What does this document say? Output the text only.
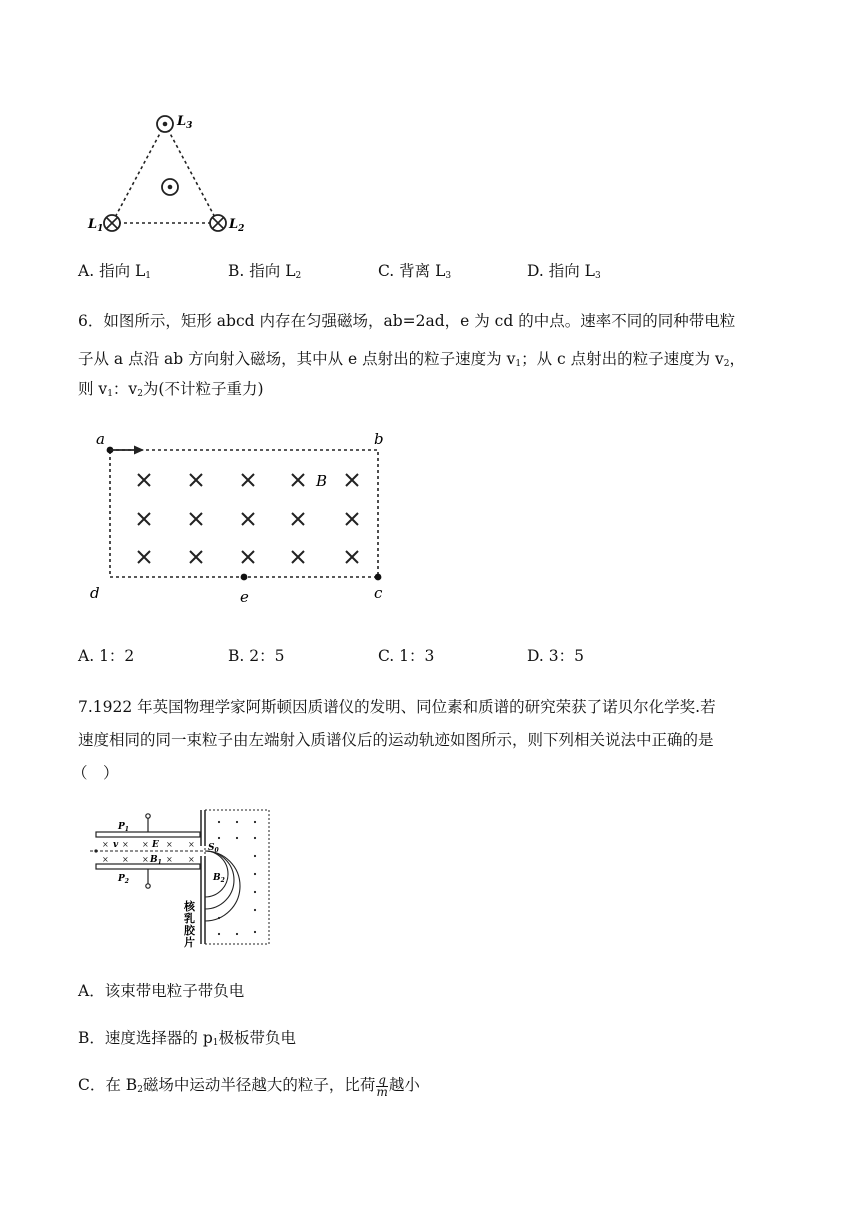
$L_3$
$L_1$	$L_2$
A. 指向 $L_1$	B. 指向 $L_2$	C. 背离 $L_3$	D. 指向 $L_3$
6．如图所示，矩形 abcd 内存在匀强磁场，ab=2ad，e 为 cd 的中点。速率不同的同种带电粒
子从 a 点沿 ab 方向射入磁场，其中从 e 点射出的粒子速度为 $v_1$；从 c 点射出的粒子速度为 $v_2$，
则 $v_1$：$v_2$为(不计粒子重力)
B
a	b
d	e	c
A. 1：2	B. 2：5	C. 1：3	D. 3：5
7.1922 年英国物理学家阿斯顿因质谱仪的发明、同位素和质谱的研究荣获了诺贝尔化学奖.若
速度相同的同一束粒子由左端射入质谱仪后的运动轨迹如图所示，则下列相关说法中正确的是
（　）
× × × × ×
× × × × ×
v	E
$B_1$
$P_1$
$P_2$
$S_0$
$B_2$
核
乳
胶
片
A．该束带电粒子带负电
B．速度选择器的 $p_1$极板带负电
C．在 $B_2$磁场中运动半径越大的粒子，比荷 $\frac{q}{m}$ 越小
